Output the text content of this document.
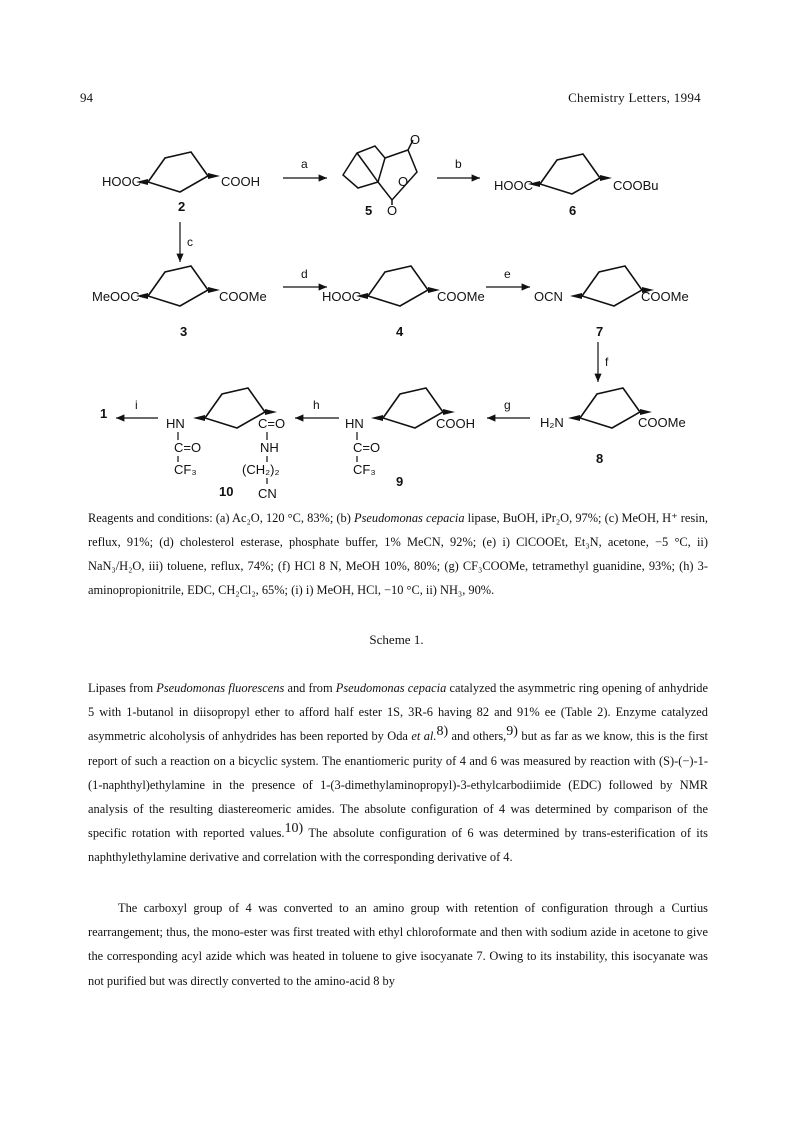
94	Chemistry Letters, 1994
HOOC	COOH
2
O
O
O
5
HOOC	COOBu
6
MeOOC	COOMe
3
HOOC	COOMe
4
OCN	COOMe
7
H₂N	COOMe
8
HN	COOH
C=O
CF₃
9
HN	C=O
C=O
CF₃
NH
(CH₂)₂
CN
10
1
a	b
c
d	e
f
g
h
i
Reagents and conditions: (a) Ac₂O, 120 °C, 83%; (b) Pseudomonas cepacia lipase, BuOH, iPr₂O, 97%; (c) MeOH, H⁺ resin, reflux, 91%; (d) cholesterol esterase, phosphate buffer, 1% MeCN, 92%; (e) i) ClCOOEt, Et₃N, acetone, −5 °C, ii) NaN₃/H₂O, iii) toluene, reflux, 74%; (f) HCl 8 N, MeOH 10%, 80%; (g) CF₃COOMe, tetramethyl guanidine, 93%; (h) 3-aminopropionitrile, EDC, CH₂Cl₂, 65%; (i) i) MeOH, HCl, −10 °C, ii) NH₃, 90%.
Scheme 1.
Lipases from Pseudomonas fluorescens and from Pseudomonas cepacia catalyzed the asymmetric ring opening of anhydride 5 with 1-butanol in diisopropyl ether to afford half ester 1S, 3R-6 having 82 and 91% ee (Table 2). Enzyme catalyzed asymmetric alcoholysis of anhydrides has been reported by Oda et al.$^{8)}$ and others,$^{9)}$ but as far as we know, this is the first report of such a reaction on a bicyclic system. The enantiomeric purity of 4 and 6 was measured by reaction with (S)-(−)-1-(1-naphthyl)ethylamine in the presence of 1-(3-dimethylaminopropyl)-3-ethylcarbodiimide (EDC) followed by NMR analysis of the resulting diastereomeric amides. The absolute configuration of 4 was determined by comparison of the specific rotation with reported values.$^{10)}$ The absolute configuration of 6 was determined by trans-esterification of its naphthylethylamine derivative and correlation with the corresponding derivative of 4.

The carboxyl group of 4 was converted to an amino group with retention of configuration through a Curtius rearrangement; thus, the mono-ester was first treated with ethyl chloroformate and then with sodium azide in acetone to give the corresponding acyl azide which was heated in toluene to give isocyanate 7. Owing to its instability, this isocyanate was not purified but was directly converted to the amino-acid 8 by
